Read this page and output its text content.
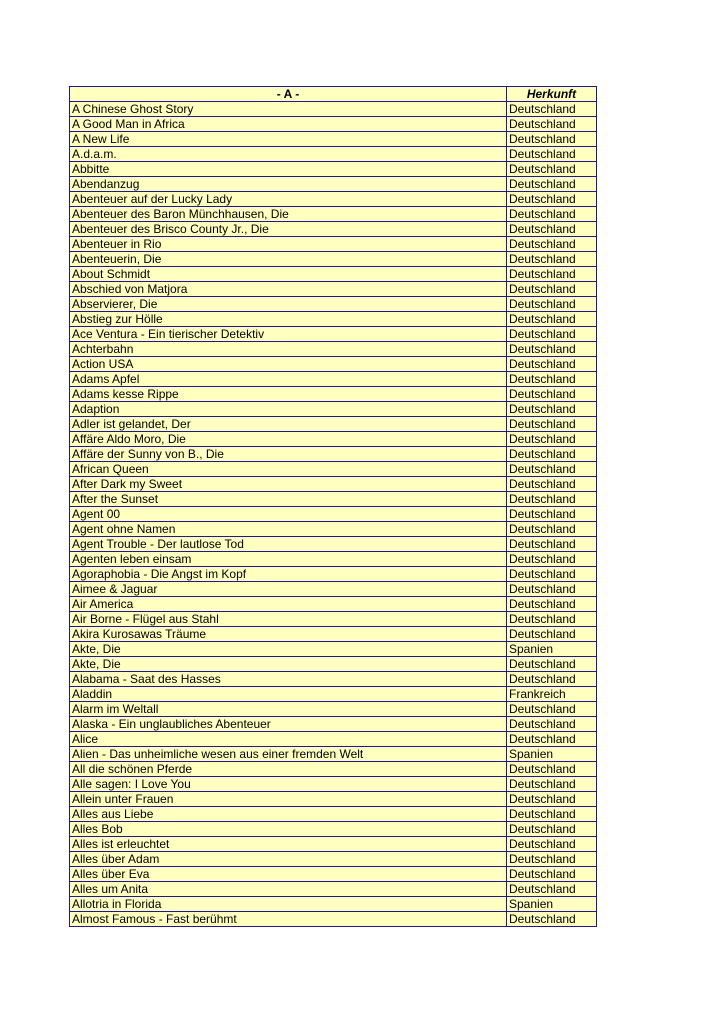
- A -	Herkunft
A Chinese Ghost Story	Deutschland
A Good Man in Africa	Deutschland
A New Life	Deutschland
A.d.a.m.	Deutschland
Abbitte	Deutschland
Abendanzug	Deutschland
Abenteuer auf der Lucky Lady	Deutschland
Abenteuer des Baron Münchhausen, Die	Deutschland
Abenteuer des Brisco County Jr., Die	Deutschland
Abenteuer in Rio	Deutschland
Abenteuerin, Die	Deutschland
About Schmidt	Deutschland
Abschied von Matjora	Deutschland
Abservierer, Die	Deutschland
Abstieg zur Hölle	Deutschland
Ace Ventura - Ein tierischer Detektiv	Deutschland
Achterbahn	Deutschland
Action USA	Deutschland
Adams Apfel	Deutschland
Adams kesse Rippe	Deutschland
Adaption	Deutschland
Adler ist gelandet, Der	Deutschland
Affäre Aldo Moro, Die	Deutschland
Affäre der Sunny von B., Die	Deutschland
African Queen	Deutschland
After Dark my Sweet	Deutschland
After the Sunset	Deutschland
Agent 00	Deutschland
Agent ohne Namen	Deutschland
Agent Trouble - Der lautlose Tod	Deutschland
Agenten leben einsam	Deutschland
Agoraphobia - Die Angst im Kopf	Deutschland
Aimee & Jaguar	Deutschland
Air America	Deutschland
Air Borne - Flügel aus Stahl	Deutschland
Akira Kurosawas Träume	Deutschland
Akte, Die	Spanien
Akte, Die	Deutschland
Alabama - Saat des Hasses	Deutschland
Aladdin	Frankreich
Alarm im Weltall	Deutschland
Alaska - Ein unglaubliches Abenteuer	Deutschland
Alice	Deutschland
Alien - Das unheimliche wesen aus einer fremden Welt	Spanien
All die schönen Pferde	Deutschland
Alle sagen: I Love You	Deutschland
Allein unter Frauen	Deutschland
Alles aus Liebe	Deutschland
Alles Bob	Deutschland
Alles ist erleuchtet	Deutschland
Alles über Adam	Deutschland
Alles über Eva	Deutschland
Alles um Anita	Deutschland
Allotria in Florida	Spanien
Almost Famous - Fast berühmt	Deutschland
